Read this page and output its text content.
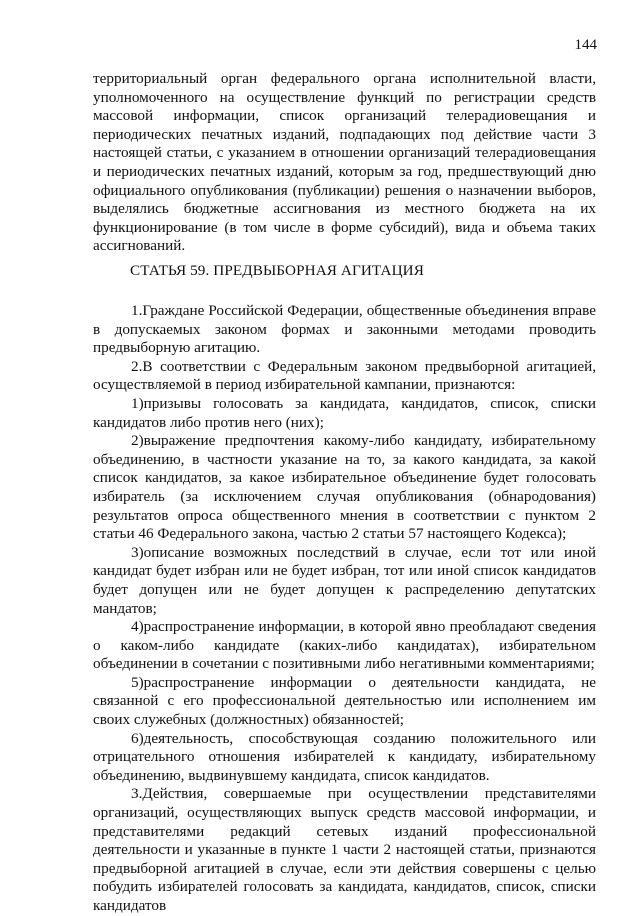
144

территориальный орган федерального органа исполнительной власти, уполномоченного на осуществление функций по регистрации средств массовой информации, список организаций телерадиовещания и периодических печатных изданий, подпадающих под действие части 3 настоящей статьи, с указанием в отношении организаций телерадиовещания и периодических печатных изданий, которым за год, предшествующий дню официального опубликования (публикации) решения о назначении выборов, выделялись бюджетные ассигнования из местного бюджета на их функционирование (в том числе в форме субсидий), вида и объема таких ассигнований.

СТАТЬЯ 59. ПРЕДВЫБОРНАЯ АГИТАЦИЯ

1.Граждане Российской Федерации, общественные объединения вправе в допускаемых законом формах и законными методами проводить предвыборную агитацию.

2.В соответствии с Федеральным законом предвыборной агитацией, осуществляемой в период избирательной кампании, признаются:

1)призывы голосовать за кандидата, кандидатов, список, списки кандидатов либо против него (них);

2)выражение предпочтения какому-либо кандидату, избирательному объединению, в частности указание на то, за какого кандидата, за какой список кандидатов, за какое избирательное объединение будет голосовать избиратель (за исключением случая опубликования (обнародования) результатов опроса общественного мнения в соответствии с пунктом 2 статьи 46 Федерального закона, частью 2 статьи 57 настоящего Кодекса);

3)описание возможных последствий в случае, если тот или иной кандидат будет избран или не будет избран, тот или иной список кандидатов будет допущен или не будет допущен к распределению депутатских мандатов;

4)распространение информации, в которой явно преобладают сведения о каком-либо кандидате (каких-либо кандидатах), избирательном объединении в сочетании с позитивными либо негативными комментариями;

5)распространение информации о деятельности кандидата, не связанной с его профессиональной деятельностью или исполнением им своих служебных (должностных) обязанностей;

6)деятельность, способствующая созданию положительного или отрицательного отношения избирателей к кандидату, избирательному объединению, выдвинувшему кандидата, список кандидатов.

3.Действия, совершаемые при осуществлении представителями организаций, осуществляющих выпуск средств массовой информации, и представителями редакций сетевых изданий профессиональной деятельности и указанные в пункте 1 части 2 настоящей статьи, признаются предвыборной агитацией в случае, если эти действия совершены с целью побудить избирателей голосовать за кандидата, кандидатов, список, списки кандидатов
